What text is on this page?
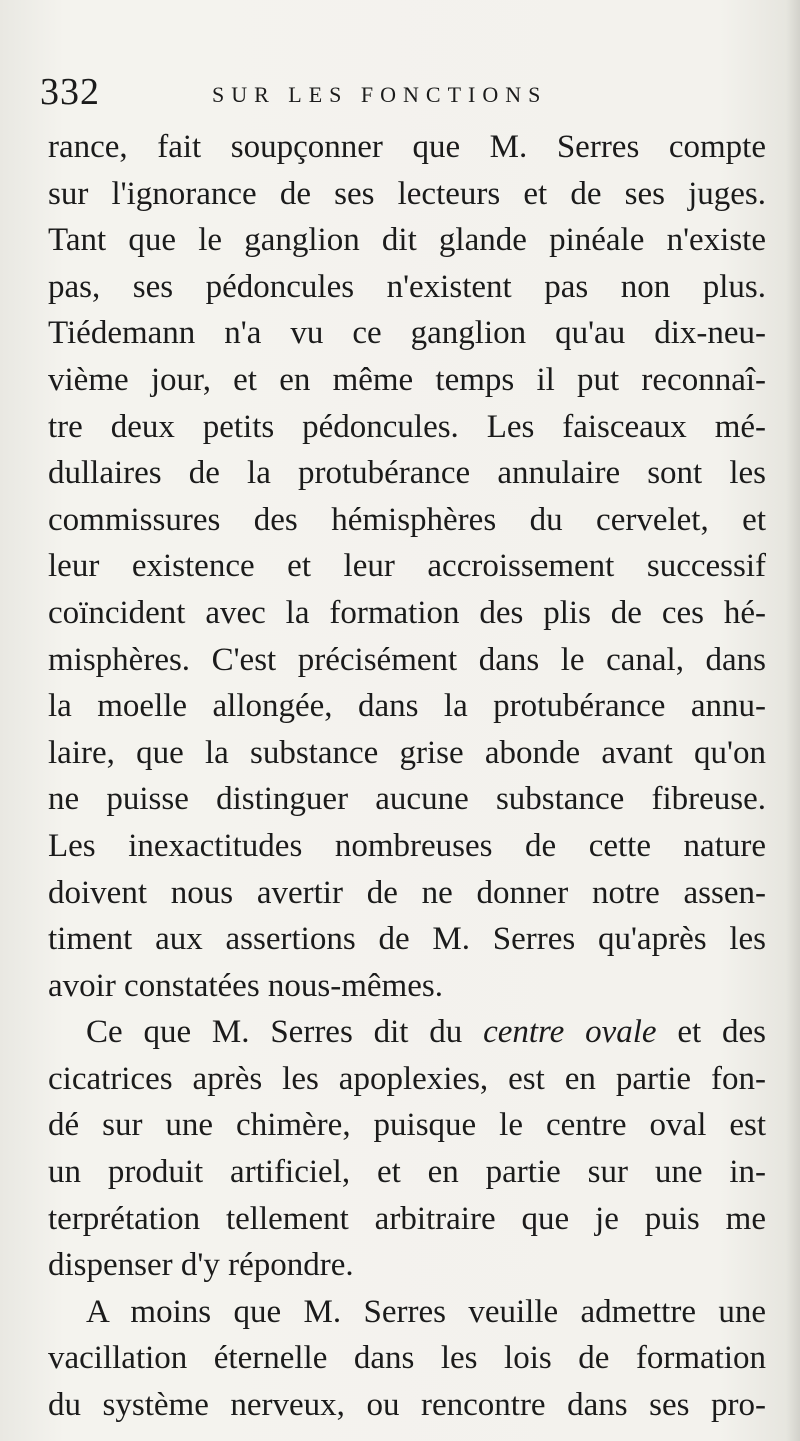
332	SUR LES FONCTIONS
rance, fait soupçonner que M. Serres compte
sur l'ignorance de ses lecteurs et de ses juges.
Tant que le ganglion dit glande pinéale n'existe
pas, ses pédoncules n'existent pas non plus.
Tiédemann n'a vu ce ganglion qu'au dix-neu-
vième jour, et en même temps il put reconnaî-
tre deux petits pédoncules. Les faisceaux mé-
dullaires de la protubérance annulaire sont les
commissures des hémisphères du cervelet, et
leur existence et leur accroissement successif
coïncident avec la formation des plis de ces hé-
misphères. C'est précisément dans le canal, dans
la moelle allongée, dans la protubérance annu-
laire, que la substance grise abonde avant qu'on
ne puisse distinguer aucune substance fibreuse.
Les inexactitudes nombreuses de cette nature
doivent nous avertir de ne donner notre assen-
timent aux assertions de M. Serres qu'après les
avoir constatées nous-mêmes.
Ce que M. Serres dit du centre ovale et des
cicatrices après les apoplexies, est en partie fon-
dé sur une chimère, puisque le centre oval est
un produit artificiel, et en partie sur une in-
terprétation tellement arbitraire que je puis me
dispenser d'y répondre.
A moins que M. Serres veuille admettre une
vacillation éternelle dans les lois de formation
du système nerveux, ou rencontre dans ses pro-
